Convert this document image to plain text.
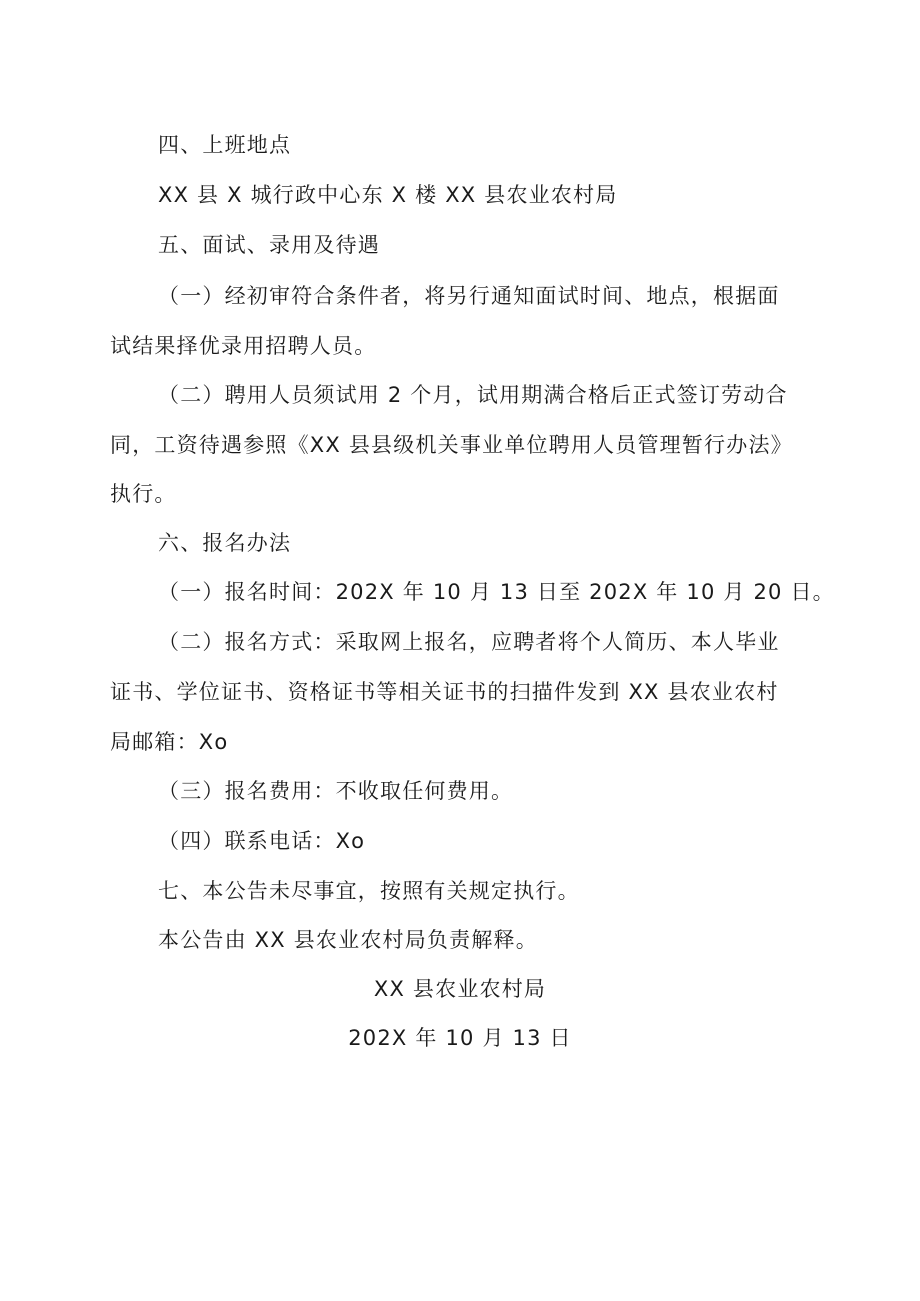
四、上班地点
XX 县 X 城行政中心东 X 楼 XX 县农业农村局
五、面试、录用及待遇
（一）经初审符合条件者，将另行通知面试时间、地点，根据面
试结果择优录用招聘人员。
（二）聘用人员须试用 2 个月，试用期满合格后正式签订劳动合
同，工资待遇参照《XX 县县级机关事业单位聘用人员管理暂行办法》
执行。
六、报名办法
（一）报名时间：202X 年 10 月 13 日至 202X 年 10 月 20 日。
（二）报名方式：采取网上报名，应聘者将个人简历、本人毕业
证书、学位证书、资格证书等相关证书的扫描件发到 XX 县农业农村
局邮箱：Xo
（三）报名费用：不收取任何费用。
（四）联系电话：Xo
七、本公告未尽事宜，按照有关规定执行。
本公告由 XX 县农业农村局负责解释。
XX 县农业农村局
202X 年 10 月 13 日
